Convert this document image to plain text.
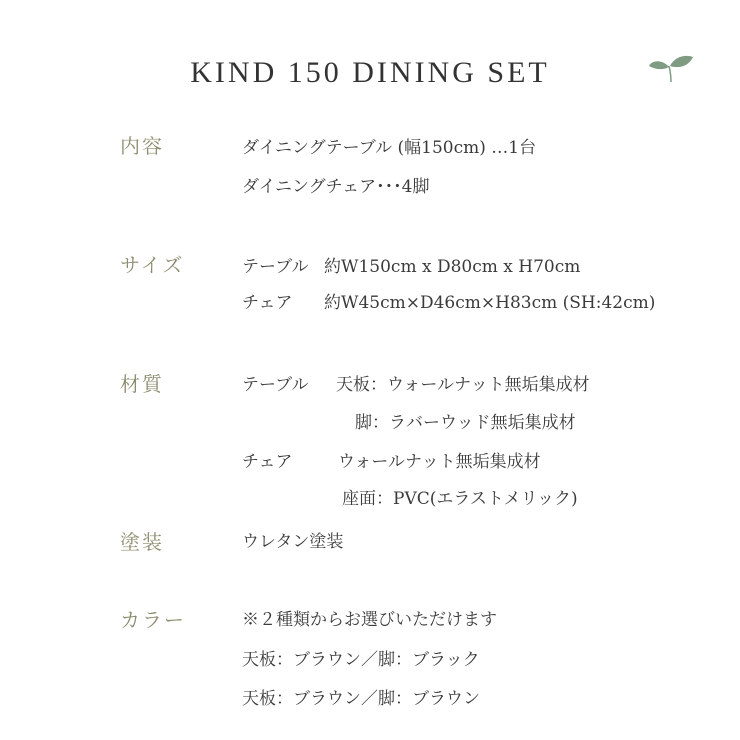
KIND 150 DINING SET
内容	ダイニングテーブル (幅150cm) …1台
ダイニングチェア･･･4脚
サイズ	テーブル 約W150cm x D80cm x H70cm
チェア 約W45cm×D46cm×H83cm (SH:42cm)
材質	テーブル 天板：ウォールナット無垢集成材
脚：ラバーウッド無垢集成材
チェア	ウォールナット無垢集成材
座面：PVC(エラストメリック)
塗装	ウレタン塗装
カラー	※２種類からお選びいただけます
天板：ブラウン／脚：ブラック
天板：ブラウン／脚：ブラウン
